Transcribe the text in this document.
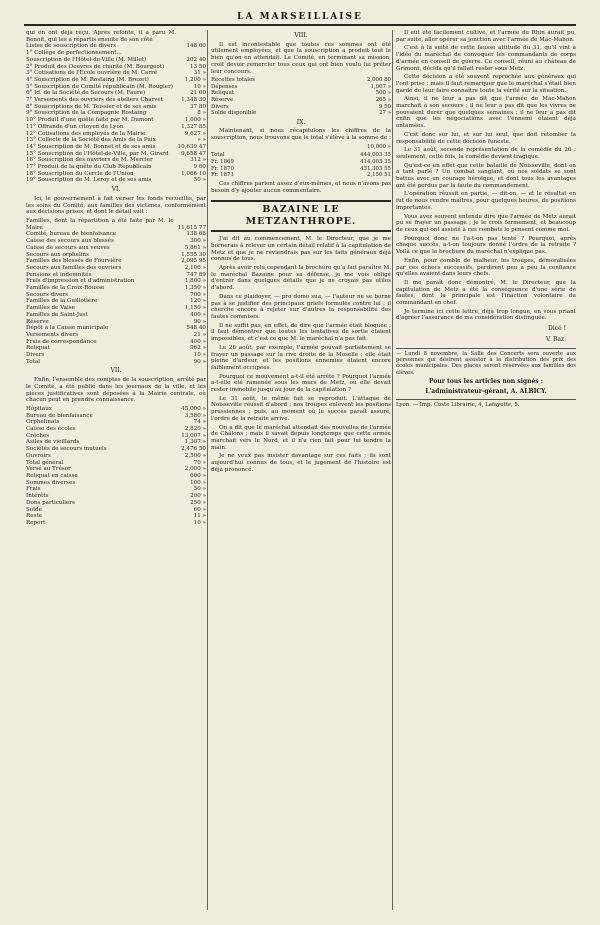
LA MARSEILLAISE
qui en ont déjà reçu. Après refonte, il a paru M. Benoit, qui les a répartis ensuite de son côté
Listes de souscription de divers	148 60
1° Collège de perfectionnement...
Souscription de l'Hôtel-de-Ville (M. Millet)	202 40
2° Produit des Oeuvres de charité (M. Bourgeot)	13 50
3° Cotisations de l'Ecole ouvrière de M. Carré	31 »
4° Souscription de M. Rostaing (M. Brezet)	1,200 »
5° Souscription du Comité républicain (M. Rougier)	10 »
6° Id. de la Société de Secours (M. Faure)	21 60
7° Versements des ouvriers des ateliers Charvet	1,348 30
8° Souscriptions de M. Teissier et de ses amis	37 80
9° Souscription de la Compagnie Rostaing	8 »
10° Produit d'une quête faite par M. Dumont	1,000 »
11° Offrande d'un citoyen de Lyon	1,327 85
12° Cotisations des employés de la Mairie	9,627 »
13° Collecte de la Société des Amis de la Paix	» »
14° Souscription de M. Bonnet et de ses amis	10,639 47
15° Souscription de l'Hôtel-de-Ville, par M. Girard	9,658 47
16° Souscription des ouvriers de M. Mercier	312 »
17° Produit de la quête du Club Républicain	9 60
18° Souscription du Cercle de l'Union	1,066 10
19° Souscription de M. Leroy et de ses amis	50 »
VI.

Ici, le gouvernement à fait verser les fonds recueillis, par les soins du Comité, aux familles des victimes, conformément aux décisions prises, et dont le détail suit :

Familles, dont la répartition a été faite par M. le Maire	11,615 77
Comité, bureau de bienfaisance	138 68
Caisse des secours aux blessés	300 »
Caisse de secours aux veuves	5,861 »
Secours aux orphelins	1,555 30
Familles des blessés de Fourvière	2,095 95
Secours aux familles des ouvriers	2,106 »
Pensions et indemnités	747 89
Frais d'impression et d'administration	1,800 »
Familles de la Croix-Rousse	1,350 »
Secours divers	700 »
Familles de la Guillotière	120 »
Familles de Vaise	1,150 »
Familles de Saint-Just	400 »
Réserve	90 »
Dépôt à la Caisse municipale	548 40
Versements divers	21 »
Frais de correspondance	400 »
Reliquat	962 »
Divers	10 »
Total	90 »
VII.

Enfin, l'ensemble des comptes de la souscription, arrêté par le Comité, a été publié dans les journaux de la ville, et les pièces justificatives sont déposées à la Mairie centrale, où chacun peut en prendre connaissance.

Hôpitaux	45,000 »
Bureau de bienfaisance	3,580 »
Orphelinats	74 »
Caisse des écoles	2,820 »
Crèches	13,007 »
Asiles de vieillards	1,307 »
Sociétés de secours mutuels	2,476 50
Ouvroirs	2,500 »
Total général	70 »
Versé au Trésor	2,000 »
Reliquat en caisse	600 »
Sommes diverses	100 »
Frais	50 »
Intérêts	200 »
Dons particuliers	250 »
Solde	60 »
Reste	11 »
Report	10 »
VIII.

Il est incontestable que toutes ces sommes ont été utilement employées, et que la souscription a produit tout le bien qu'on en attendait. Le Comité, en terminant sa mission, croit devoir remercier tous ceux qui ont bien voulu lui prêter leur concours.

Recettes totales	2,000 80
Dépenses	1,007 »
Reliquat	500 »
Réserve	265 »
Divers	9 50
Solde disponible	27 »
IX.

Maintenant, si nous récapitulons les chiffres de la souscription, nous trouvons que le total s'élève à la somme de :

10,000 »
Total	444,003 35
Fr. 1869	414,003 35
Fr. 1870	431,303 55
Fr. 1871	2,150 51

Ces chiffres parlent assez d'eux-mêmes, et nous n'avons pas besoin d'y ajouter aucun commentaire.

BAZAINE LE METZANTHROPE.

J'ai dit au commencement, M. le Directeur, que je me bornerais à relever un certain détail relatif à la capitulation de Metz et que je ne reviendrais pas sur les faits généraux déjà connus de tous.

Après avoir relu cependant la brochure qu'a fait paraître M. le maréchal Bazaine pour sa défense, je me vois obligé d'entrer dans quelques détails que je ne croyais pas utiles d'abord.

Dans ce plaidoyer, — pro domo sua, — l'auteur ne se borne pas à se justifier des principaux griefs formulés contre lui ; il cherche encore à rejeter sur d'autres la responsabilité des fautes commises.

Il ne suffit pas, en effet, de dire que l'armée était bloquée ; il faut démontrer que toutes les tentatives de sortie étaient impossibles, et c'est ce que M. le maréchal n'a pas fait.

Le 26 août, par exemple, l'armée pouvait parfaitement se frayer un passage sur la rive droite de la Moselle ; elle était pleine d'ardeur, et les positions ennemies étaient encore faiblement occupées.

Pourquoi ce mouvement a-t-il été arrêté ? Pourquoi l'armée a-t-elle été ramenée sous les murs de Metz, où elle devait rester immobile jusqu'au jour de la capitulation ?

Le 31 août, le même fait se reproduit. L'attaque de Noisseville réussit d'abord ; nos troupes enlèvent les positions prussiennes ; puis, au moment où le succès paraît assuré, l'ordre de la retraite arrive.

On a dit que le maréchal attendait des nouvelles de l'armée de Châlons ; mais il savait depuis longtemps que cette armée marchait vers le Nord, et il n'a rien fait pour lui tendre la main.

Je ne veux pas insister davantage sur ces faits ; ils sont aujourd'hui connus de tous, et le jugement de l'histoire est déjà prononcé.

Il eût été facilement cultivé, et l'armée du Rhin aurait pu, par suite, aller opérer sa jonction avec l'armée de Mac-Mahon.

C'est à la suite de cette fausse attitude du 31, qu'il vint à l'idée du maréchal de convoquer les commandants de corps d'armée en conseil de guerre. Ce conseil, réuni au château de Grimont, décida qu'il fallait rester sous Metz.

Cette décision a été souvent reprochée aux généraux qui l'ont prise ; mais il faut remarquer que le maréchal s'était bien gardé de leur faire connaître toute la vérité sur la situation.

Ainsi, il ne leur a pas dit que l'armée de Mac-Mahon marchait à son secours ; il ne leur a pas dit que les vivres ne pouvaient durer que quelques semaines ; il ne leur a pas dit enfin que les négociations avec l'ennemi étaient déjà entamées.

C'est donc sur lui, et sur lui seul, que doit retomber la responsabilité de cette décision funeste.

Le 31 août, seconde représentation de la comédie du 26 ; seulement, cette fois, la comédie devient tragique.

Qu'est-ce en effet que cette bataille de Noisseville, dont on a tant parlé ? Un combat sanglant, où nos soldats se sont battus avec un courage héroïque, et dont tous les avantages ont été perdus par la faute du commandement.

L'opération réussit en partie, — dit-on, — et le résultat en fut de nous rendre maîtres, pour quelques heures, de positions importantes.

Vous avez souvent entendu dire que l'armée de Metz aurait pu se frayer un passage ; je le crois fermement, et beaucoup de ceux qui ont assisté à ces combats le pensent comme moi.

Pourquoi donc ne l'a-t-on pas tenté ? Pourquoi, après chaque succès, a-t-on toujours donné l'ordre de la retraite ? Voilà ce que la brochure du maréchal n'explique pas.

Enfin, pour comble de malheur, les troupes, démoralisées par ces échecs successifs, perdirent peu à peu la confiance qu'elles avaient dans leurs chefs.

Il me paraît donc démontré, M. le Directeur, que la capitulation de Metz a été la conséquence d'une série de fautes, dont la principale est l'inaction volontaire du commandant en chef.

Je termine ici cette lettre, déjà trop longue, en vous priant d'agréer l'assurance de ma considération distinguée.

Dicé !
V. Baz.
— Lundi 8 novembre, la Salle des Concerts sera ouverte aux personnes qui désirent assister à la distribution des prix des écoles municipales. Des places seront réservées aux familles des élèves.
Pour tous les articles non signés :
L'administrateur-gérant, A. ALBICY.
Lyon. — Imp. Coste Librairie, 4, Lafayette, 5.
